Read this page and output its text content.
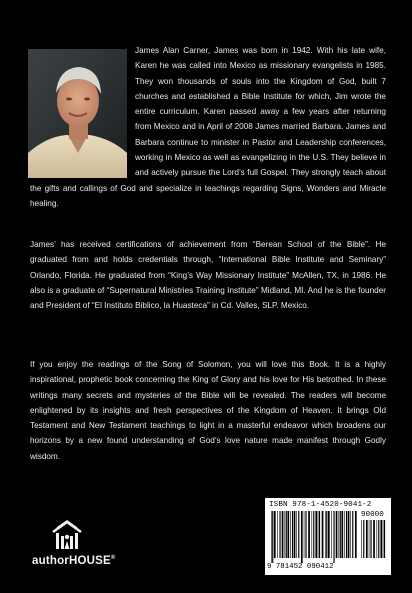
James Alan Carner, James was born in 1942. With his late wife, Karen he was called into Mexico as missionary evangelists in 1985. They won thousands of souls into the Kingdom of God, built 7 churches and established a Bible Institute for which, Jim wrote the entire curriculum. Karen passed away a few years after returning from Mexico and in April of 2008 James married Barbara. James and Barbara continue to minister in Pastor and Leadership conferences, working in Mexico as well as evangelizing in the U.S. They believe in and actively pursue the Lord’s full Gospel. They strongly teach about the gifts and callings of God and specialize in teachings regarding Signs, Wonders and Miracle healing.
James’ has received certifications of achievement from “Berean School of the Bible”. He graduated from and holds credentials through, “International Bible Institute and Seminary” Orlando, Florida. He graduated from “King’s Way Missionary Institute” McAllen, TX, in 1986. He also is a graduate of “Supernatural Ministries Training Institute” Midland, MI. And he is the founder and President of “El Instituto Biblico, la Huasteca” in Cd. Valles, SLP. Mexico.
If you enjoy the readings of the Song of Solomon, you will love this Book. It is a highly inspirational, prophetic book concerning the King of Glory and his love for His betrothed. In these writings many secrets and mysteries of the Bible will be revealed. The readers will become enlightened by its insights and fresh perspectives of the Kingdom of Heaven. It brings Old Testament and New Testament teachings to light in a masterful endeavor which broadens our horizons by a new found understanding of God’s love nature made manifest through Godly wisdom.
authorHOUSE®
ISBN 978-1-4520-9041-2
90000
9 781452 090412
